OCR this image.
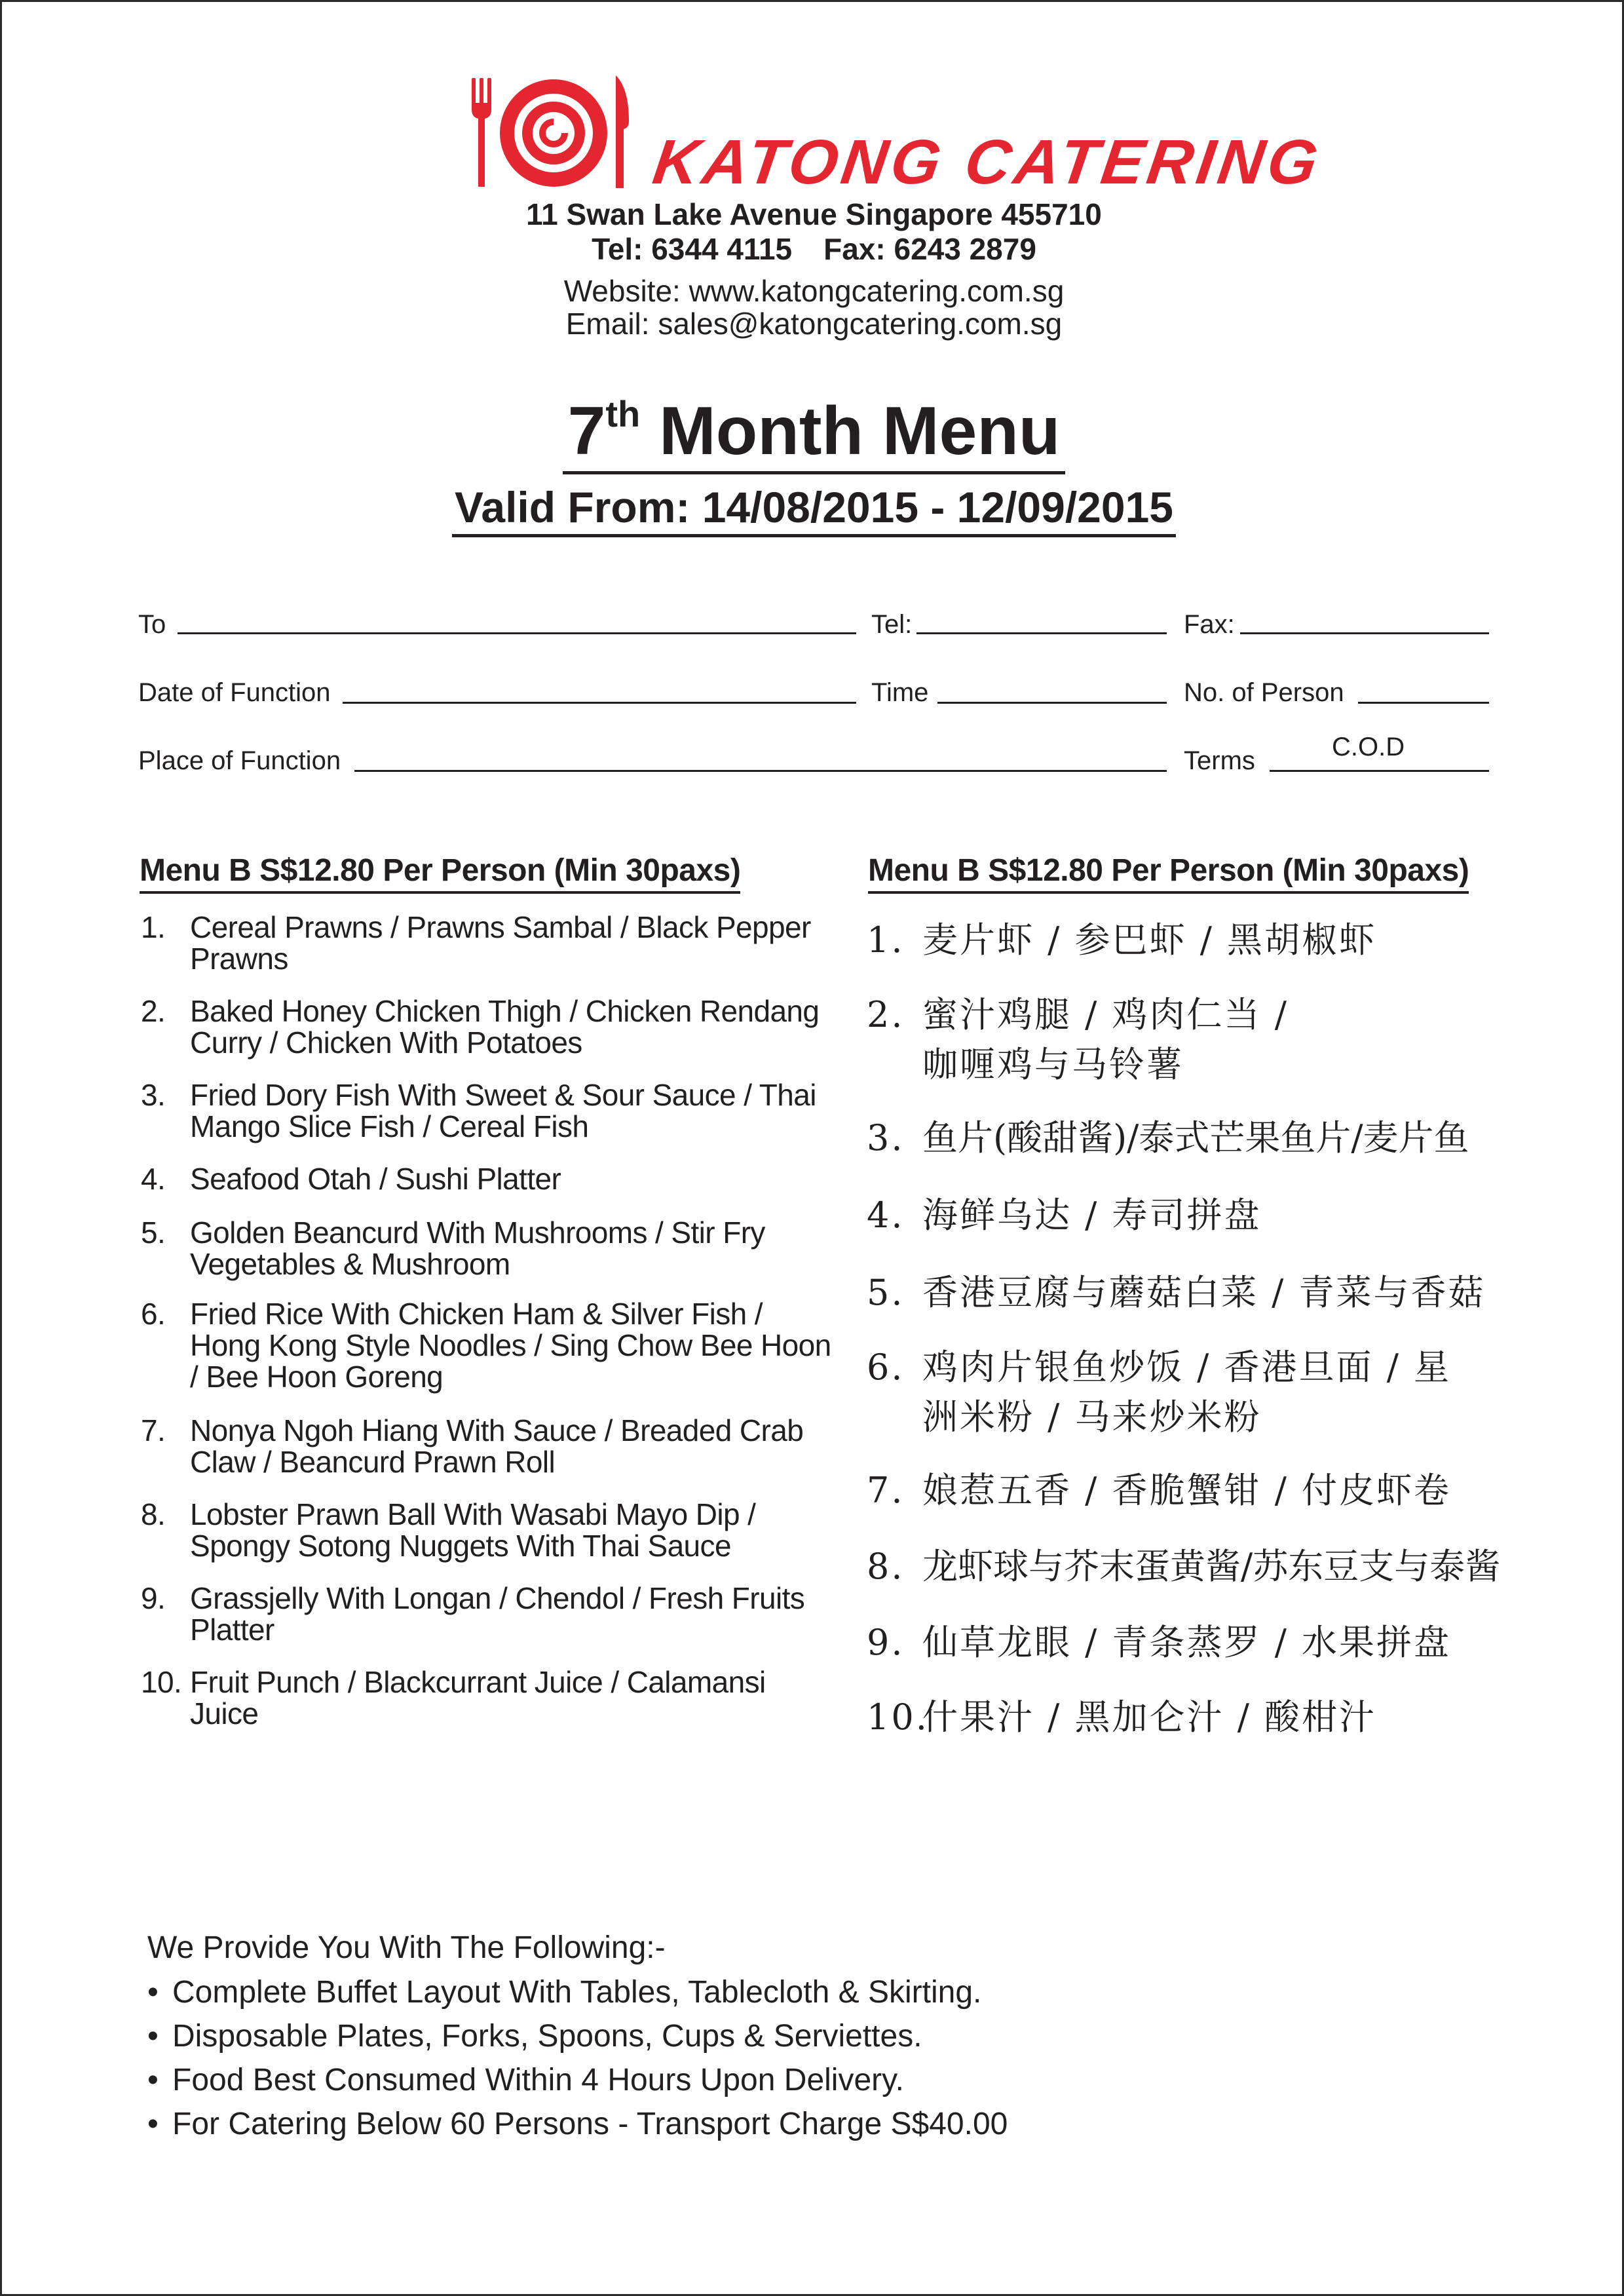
KATONG CATERING
11 Swan Lake Avenue Singapore 455710
Tel: 6344 4115 Fax: 6243 2879
Website: www.katongcatering.com.sg
Email: sales@katongcatering.com.sg
7th Month Menu
Valid From: 14/08/2015 - 12/09/2015
To	Tel:	Fax:
Date of Function	Time	No. of Person
Place of Function	Terms	C.O.D
Menu B S$12.80 Per Person (Min 30paxs)
1. Cereal Prawns / Prawns Sambal / Black Pepper Prawns
2. Baked Honey Chicken Thigh / Chicken Rendang Curry / Chicken With Potatoes
3. Fried Dory Fish With Sweet & Sour Sauce / Thai Mango Slice Fish / Cereal Fish
4. Seafood Otah / Sushi Platter
5. Golden Beancurd With Mushrooms / Stir Fry Vegetables & Mushroom
6. Fried Rice With Chicken Ham & Silver Fish / Hong Kong Style Noodles / Sing Chow Bee Hoon / Bee Hoon Goreng
7. Nonya Ngoh Hiang With Sauce / Breaded Crab Claw / Beancurd Prawn Roll
8. Lobster Prawn Ball With Wasabi Mayo Dip / Spongy Sotong Nuggets With Thai Sauce
9. Grassjelly With Longan / Chendol / Fresh Fruits Platter
10. Fruit Punch / Blackcurrant Juice / Calamansi Juice
Menu B S$12.80 Per Person (Min 30paxs)
1. 麦片虾 / 参巴虾 / 黑胡椒虾
2. 蜜汁鸡腿 / 鸡肉仁当 / 咖喱鸡与马铃薯
3. 鱼片(酸甜酱)/泰式芒果鱼片/麦片鱼
4. 海鲜乌达 / 寿司拼盘
5. 香港豆腐与蘑菇白菜 / 青菜与香菇
6. 鸡肉片银鱼炒饭 / 香港旦面 / 星洲米粉 / 马来炒米粉
7. 娘惹五香 / 香脆蟹钳 / 付皮虾卷
8. 龙虾球与芥末蛋黄酱/苏东豆支与泰酱
9. 仙草龙眼 / 青条蒸罗 / 水果拼盘
10.
什果汁 / 黑加仑汁 / 酸柑汁
We Provide You With The Following:-
• Complete Buffet Layout With Tables, Tablecloth & Skirting.
• Disposable Plates, Forks, Spoons, Cups & Serviettes.
• Food Best Consumed Within 4 Hours Upon Delivery.
• For Catering Below 60 Persons - Transport Charge S$40.00
